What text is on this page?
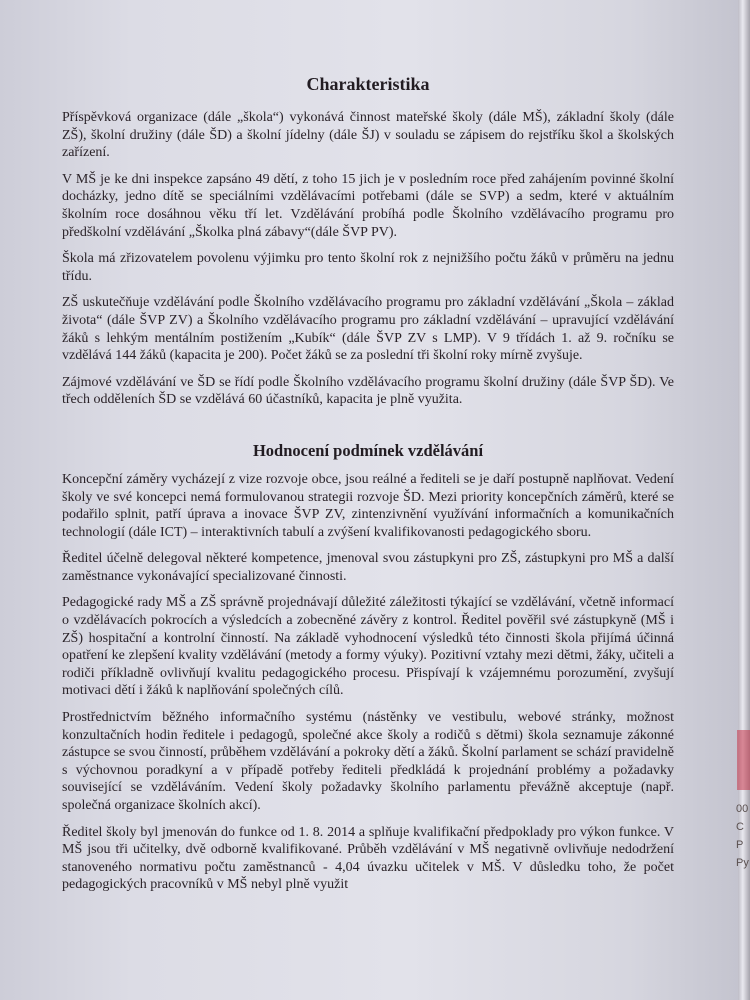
Charakteristika

Příspěvková organizace (dále „škola“) vykonává činnost mateřské školy (dále MŠ), základní školy (dále ZŠ), školní družiny (dále ŠD) a školní jídelny (dále ŠJ) v souladu se zápisem do rejstříku škol a školských zařízení.

V MŠ je ke dni inspekce zapsáno 49 dětí, z toho 15 jich je v posledním roce před zahájením povinné školní docházky, jedno dítě se speciálními vzdělávacími potřebami (dále se SVP) a sedm, které v aktuálním školním roce dosáhnou věku tří let. Vzdělávání probíhá podle Školního vzdělávacího programu pro předškolní vzdělávání „Školka plná zábavy“(dále ŠVP PV).

Škola má zřizovatelem povolenu výjimku pro tento školní rok z nejnižšího počtu žáků v průměru na jednu třídu.

ZŠ uskutečňuje vzdělávání podle Školního vzdělávacího programu pro základní vzdělávání „Škola – základ života“ (dále ŠVP ZV) a Školního vzdělávacího programu pro základní vzdělávání – upravující vzdělávání žáků s lehkým mentálním postižením „Kubík“ (dále ŠVP ZV s LMP). V 9 třídách 1. až 9. ročníku se vzdělává 144 žáků (kapacita je 200). Počet žáků se za poslední tři školní roky mírně zvyšuje.

Zájmové vzdělávání ve ŠD se řídí podle Školního vzdělávacího programu školní družiny (dále ŠVP ŠD). Ve třech odděleních ŠD se vzdělává 60 účastníků, kapacita je plně využita.

Hodnocení podmínek vzdělávání

Koncepční záměry vycházejí z vize rozvoje obce, jsou reálné a řediteli se je daří postupně naplňovat. Vedení školy ve své koncepci nemá formulovanou strategii rozvoje ŠD. Mezi priority koncepčních záměrů, které se podařilo splnit, patří úprava a inovace ŠVP ZV, zintenzivnění využívání informačních a komunikačních technologií (dále ICT) – interaktivních tabulí a zvýšení kvalifikovanosti pedagogického sboru.

Ředitel účelně delegoval některé kompetence, jmenoval svou zástupkyni pro ZŠ, zástupkyni pro MŠ a další zaměstnance vykonávající specializované činnosti.

Pedagogické rady MŠ a ZŠ správně projednávají důležité záležitosti týkající se vzdělávání, včetně informací o vzdělávacích pokrocích a výsledcích a zobecněné závěry z kontrol. Ředitel pověřil své zástupkyně (MŠ i ZŠ) hospitační a kontrolní činností. Na základě vyhodnocení výsledků této činnosti škola přijímá účinná opatření ke zlepšení kvality vzdělávání (metody a formy výuky). Pozitivní vztahy mezi dětmi, žáky, učiteli a rodiči příkladně ovlivňují kvalitu pedagogického procesu. Přispívají k vzájemnému porozumění, zvyšují motivaci dětí i žáků k naplňování společných cílů.

Prostřednictvím běžného informačního systému (nástěnky ve vestibulu, webové stránky, možnost konzultačních hodin ředitele i pedagogů, společné akce školy a rodičů s dětmi) škola seznamuje zákonné zástupce se svou činností, průběhem vzdělávání a pokroky dětí a žáků. Školní parlament se schází pravidelně s výchovnou poradkyní a v případě potřeby řediteli předkládá k projednání problémy a požadavky související se vzděláváním. Vedení školy požadavky školního parlamentu převážně akceptuje (např. společná organizace školních akcí).

Ředitel školy byl jmenován do funkce od 1. 8. 2014 a splňuje kvalifikační předpoklady pro výkon funkce. V MŠ jsou tři učitelky, dvě odborně kvalifikované. Průběh vzdělávání v MŠ negativně ovlivňuje nedodržení stanoveného normativu počtu zaměstnanců - 4,04 úvazku učitelek v MŠ. V důsledku toho, že počet pedagogických pracovníků v MŠ nebyl plně využit

00
C
P
Py
